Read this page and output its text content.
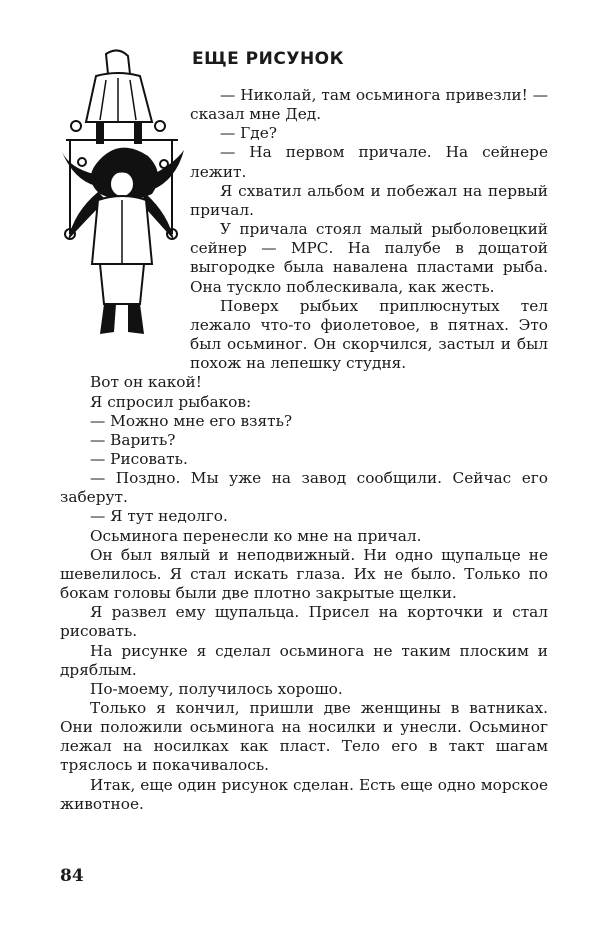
ЕЩЕ РИСУНОК

— Николай, там осьминога привезли! — сказал мне Дед.

— Где?

— На первом причале. На сейнере лежит.

Я схватил альбом и побежал на первый причал.

У причала стоял малый рыболовецкий сейнер — МРС. На палубе в дощатой выгородке была навалена пластами рыба. Она тускло поблескивала, как жесть.

Поверх рыбьих приплюснутых тел лежало что-то фиолетовое, в пятнах. Это был осьминог. Он скорчился, застыл и был похож на лепешку студня.

Вот он какой!

Я спросил рыбаков:

— Можно мне его взять?

— Варить?

— Рисовать.

— Поздно. Мы уже на завод сообщили. Сейчас его заберут.

— Я тут недолго.

Осьминога перенесли ко мне на причал.

Он был вялый и неподвижный. Ни одно щупальце не шевелилось. Я стал искать глаза. Их не было. Только по бокам головы были две плотно закрытые щелки.

Я развел ему щупальца. Присел на корточки и стал рисовать.

На рисунке я сделал осьминога не таким плоским и дряблым.

По-моему, получилось хорошо.

Только я кончил, пришли две женщины в ватниках. Они положили осьминога на носилки и унесли. Осьминог лежал на носилках как пласт. Тело его в такт шагам тряслось и покачивалось.

Итак, еще один рисунок сделан. Есть еще одно морское животное.

84
